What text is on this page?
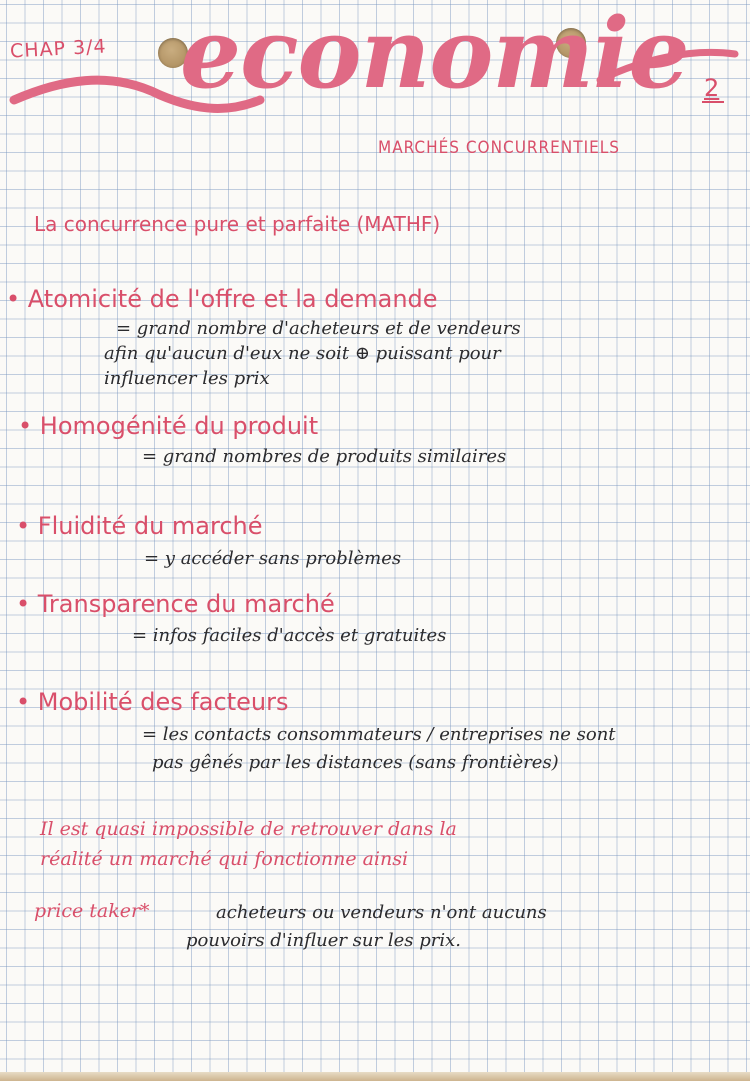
CHAP 3/4 economie 2
MARCHÉS CONCURRENTIELS
La concurrence pure et parfaite (MATHF)
• Atomicité de l'offre et la demande
= grand nombre d'acheteurs et de vendeurs
afin qu'aucun d'eux ne soit ⊕ puissant pour
influencer les prix
• Homogénité du produit
= grand nombres de produits similaires
• Fluidité du marché
= y accéder sans problèmes
• Transparence du marché
= infos faciles d'accès et gratuites
• Mobilité des facteurs
= les contacts consommateurs / entreprises ne sont
pas gênés par les distances (sans frontières)
Il est quasi impossible de retrouver dans la
réalité un marché qui fonctionne ainsi
price taker*	acheteurs ou vendeurs n'ont aucuns
pouvoirs d'influer sur les prix.
